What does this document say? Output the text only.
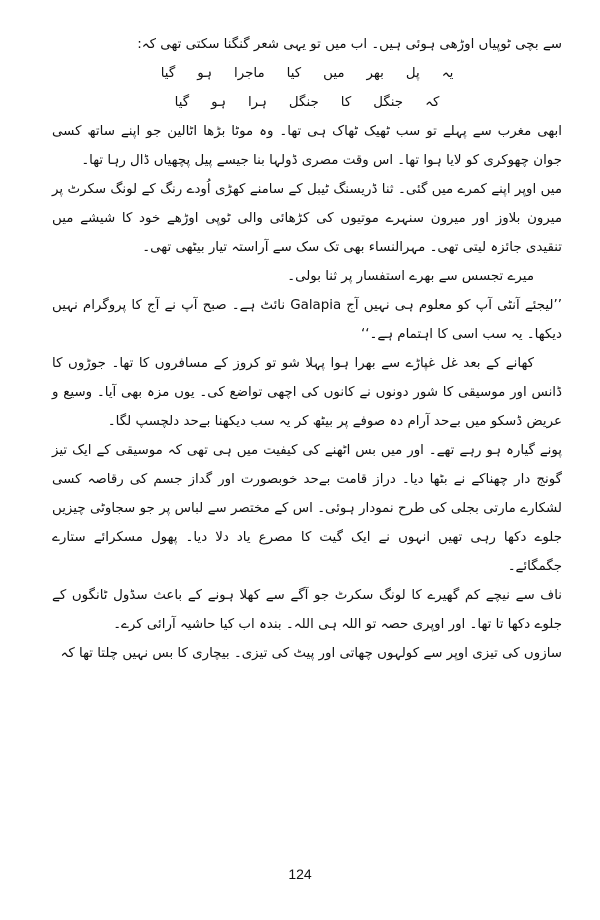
سے بچی ٹوپیاں اوڑھی ہوئی ہیں۔ اب میں تو یہی شعر گنگنا سکتی تھی کہ:

یہ
پل
بھر
میں
کیا
ماجرا
ہو
گیا
کہ
جنگل
کا
جنگل
ہرا
ہو
گیا

ابھی مغرب سے پہلے تو سب ٹھیک ٹھاک ہی تھا۔ وہ موٹا بڑھا اٹالین جو اپنے ساتھ کسی جوان چھوکری کو لایا ہوا تھا۔ اس وقت مصری ڈولہا بنا جیسے پیل پچھیاں ڈال رہا تھا۔

میں اوپر اپنے کمرے میں گئی۔ ثنا ڈریسنگ ٹیبل کے سامنے کھڑی اُودے رنگ کے لونگ سکرٹ پر میرون بلاوز اور میرون سنہرے موتیوں کی کڑھائی والی ٹوپی اوڑھے خود کا شیشے میں تنقیدی جائزہ لیتی تھی۔ مہرالنساء بھی تک سک سے آراستہ تیار بیٹھی تھی۔

میرے تجسس سے بھرے استفسار پر ثنا بولی۔

’’لیجئے آنٹی آپ کو معلوم ہی نہیں آج Galapia نائٹ ہے۔ صبح آپ نے آج کا پروگرام نہیں دیکھا۔ یہ سب اسی کا اہتمام ہے۔‘‘

کھانے کے بعد غل غپاڑے سے بھرا ہوا پہلا شو تو کروز کے مسافروں کا تھا۔ جوڑوں کا ڈانس اور موسیقی کا شور دونوں نے کانوں کی اچھی تواضع کی۔ یوں مزہ بھی آیا۔ وسیع و عریض ڈسکو میں بےحد آرام دہ صوفے پر بیٹھ کر یہ سب دیکھنا بےحد دلچسپ لگا۔

پونے گیارہ ہو رہے تھے۔ اور میں بس اٹھنے کی کیفیت میں ہی تھی کہ موسیقی کے ایک تیز گونج دار چھناکے نے بٹھا دیا۔ دراز قامت بےحد خوبصورت اور گداز جسم کی رقاصہ کسی لشکارے مارتی بجلی کی طرح نمودار ہوئی۔ اس کے مختصر سے لباس پر جو سجاوٹی چیزیں جلوے دکھا رہی تھیں انہوں نے ایک گیت کا مصرع یاد دلا دیا۔ پھول مسکرائے ستارے جگمگائے۔

ناف سے نیچے کم گھیرے کا لونگ سکرٹ جو آگے سے کھلا ہونے کے باعث سڈول ٹانگوں کے جلوے دکھا تا تھا۔ اور اوپری حصہ تو اللہ ہی اللہ۔ بندہ اب کیا حاشیہ آرائی کرے۔

سازوں کی تیزی اوپر سے کولہوں چھاتی اور پیٹ کی تیزی۔ بیچاری کا بس نہیں چلتا تھا کہ

124
